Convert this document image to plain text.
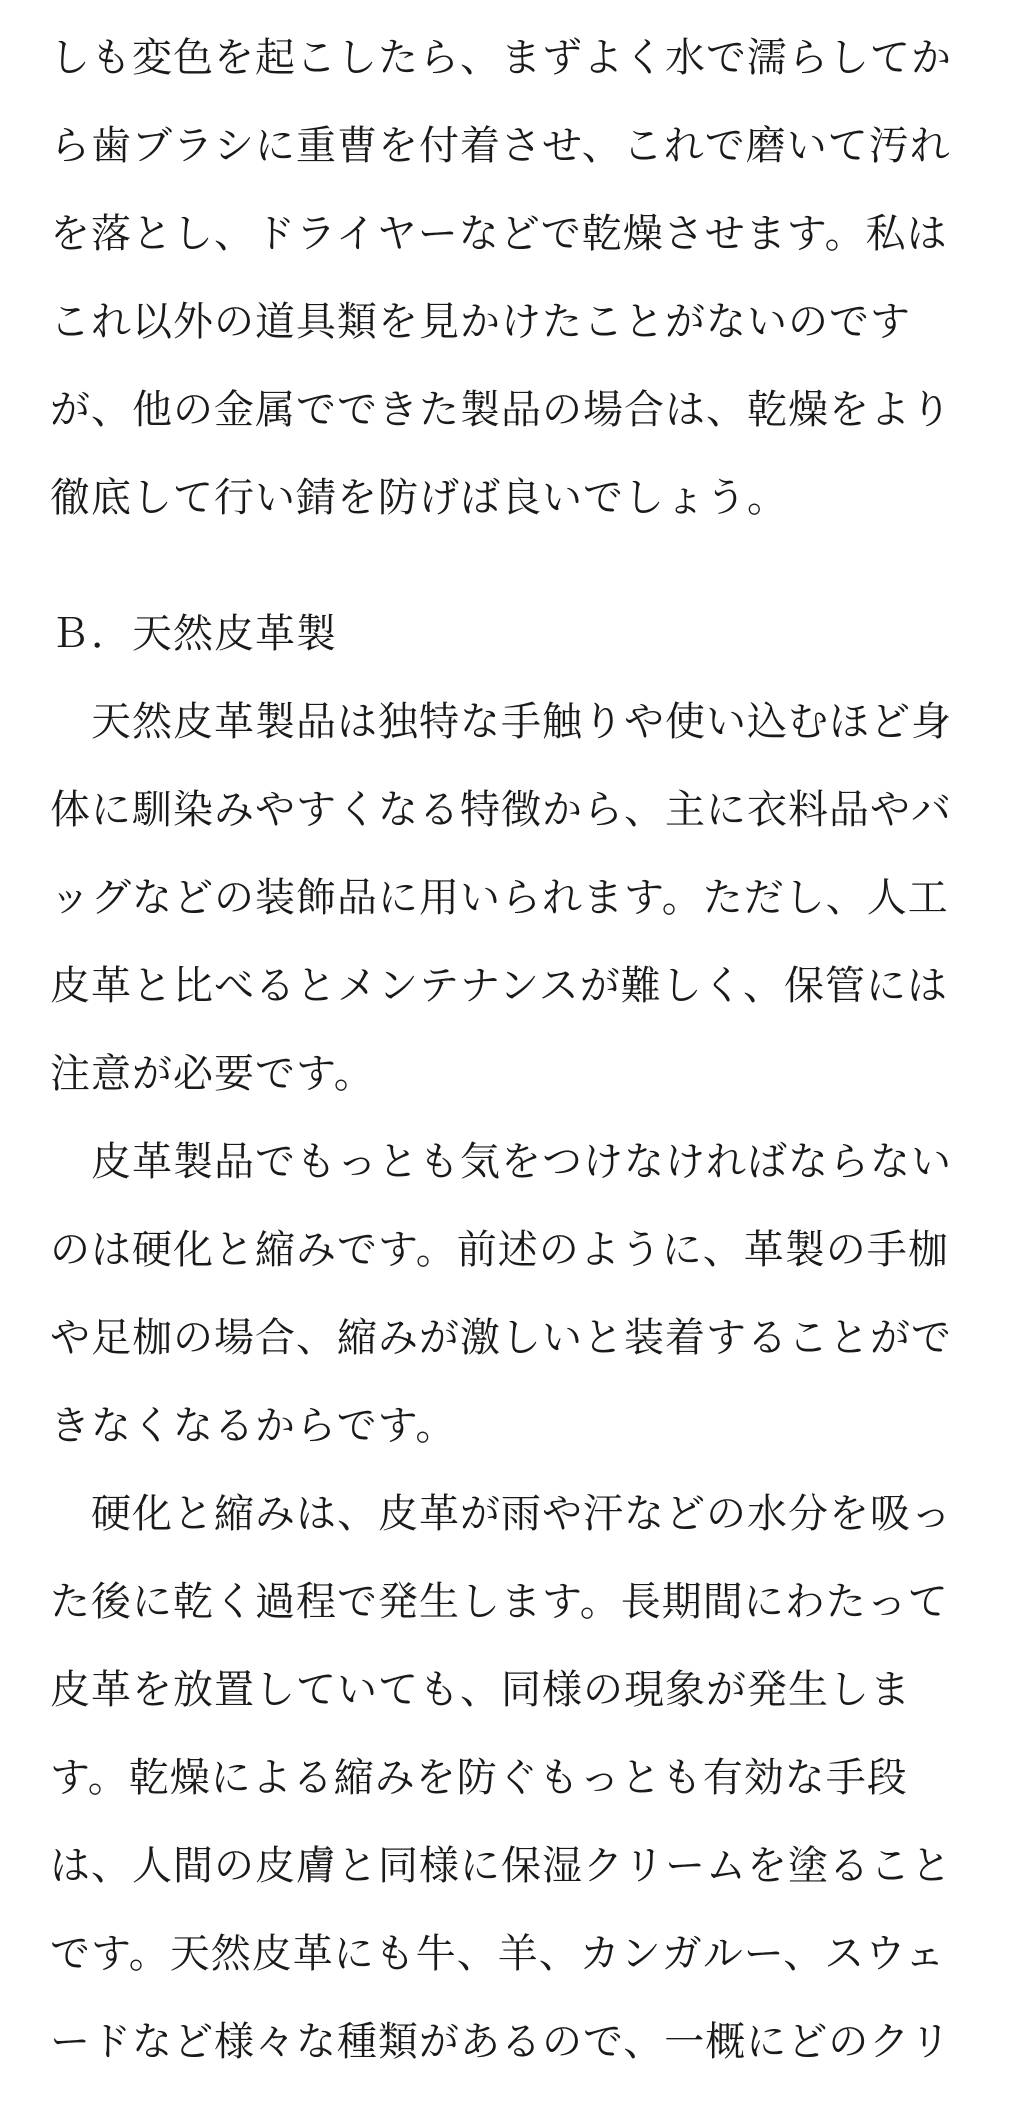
しも変色を起こしたら、まずよく水で濡らしてか
ら歯ブラシに重曹を付着させ、これで磨いて汚れ
を落とし、ドライヤーなどで乾燥させます。私は
これ以外の道具類を見かけたことがないのです
が、他の金属でできた製品の場合は、乾燥をより
徹底して行い錆を防げば良いでしょう。
Ｂ．天然皮革製
　天然皮革製品は独特な手触りや使い込むほど身
体に馴染みやすくなる特徴から、主に衣料品やバ
ッグなどの装飾品に用いられます。ただし、人工
皮革と比べるとメンテナンスが難しく、保管には
注意が必要です。
　皮革製品でもっとも気をつけなければならない
のは硬化と縮みです。前述のように、革製の手枷
や足枷の場合、縮みが激しいと装着することがで
きなくなるからです。
　硬化と縮みは、皮革が雨や汗などの水分を吸っ
た後に乾く過程で発生します。長期間にわたって
皮革を放置していても、同様の現象が発生しま
す。乾燥による縮みを防ぐもっとも有効な手段
は、人間の皮膚と同様に保湿クリームを塗ること
です。天然皮革にも牛、羊、カンガルー、スウェ
ードなど様々な種類があるので、一概にどのクリ
